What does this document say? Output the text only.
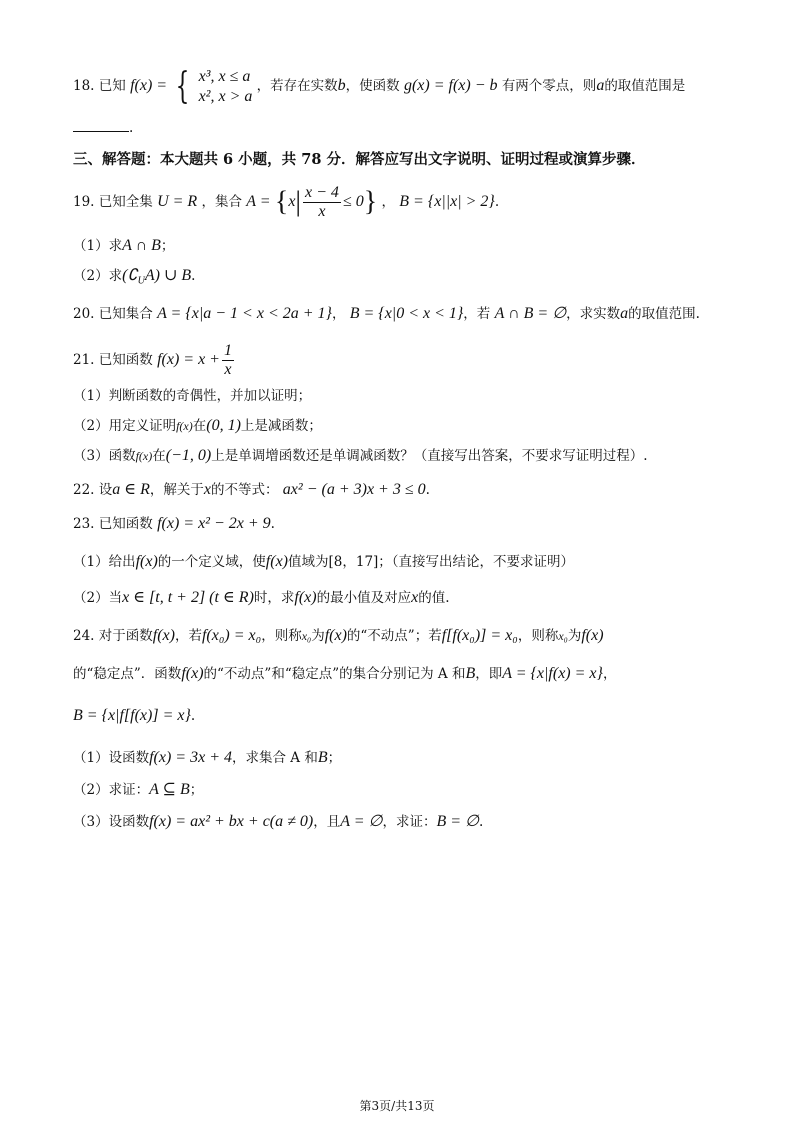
18. 已知 f(x) = { x³, x ≤ a
x², x > a
，若存在实数b，使函数 g(x) = f(x) − b 有两个零点，则a的取值范围是
.
三、解答题：本大题共 6 小题，共 78 分．解答应写出文字说明、证明过程或演算步骤．
19. 已知全集 U = R ，集合 $A = \{x| \frac{x - 4}{x} \le 0\}$ ， B = {x||x| > 2}.
（1）求A ∩ B；
（2）求$(∁_UA)$ ∪ B.
20. 已知集合 A = {x|a − 1 < x < 2a + 1}， B = {x|0 < x < 1}，若 A ∩ B = ∅，求实数a的取值范围.
21. 已知函数 $f(x) = x + \frac{1}{x}$
（1）判断函数的奇偶性，并加以证明；
（2）用定义证明f(x)在(0, 1)上是减函数；
（3）函数f(x)在(−1, 0)上是单调增函数还是单调减函数？（直接写出答案，不要求写证明过程）.
22. 设a ∈ R，解关于x的不等式： ax² − (a + 3)x + 3 ≤ 0.
23. 已知函数 f(x) = x² − 2x + 9.
（1）给出f(x)的一个定义域，使f(x)值域为[8，17]；（直接写出结论，不要求证明）
（2）当x ∈ [t, t + 2] (t ∈ R)时，求f(x)的最小值及对应x的值.
24. 对于函数f(x)，若f(x₀) = x₀，则称x₀为f(x)的“不动点”；若f[f(x₀)] = x₀，则称x₀为f(x)
的“稳定点”．函数f(x)的“不动点”和“稳定点”的集合分别记为 A 和B，即A = {x|f(x) = x}，
B = {x|f[f(x)] = x}.
（1）设函数f(x) = 3x + 4，求集合 A 和B；
（2）求证：A ⊆ B；
（3）设函数f(x) = ax² + bx + c(a ≠ 0)，且A = ∅，求证：B = ∅.
第3页/共13页
